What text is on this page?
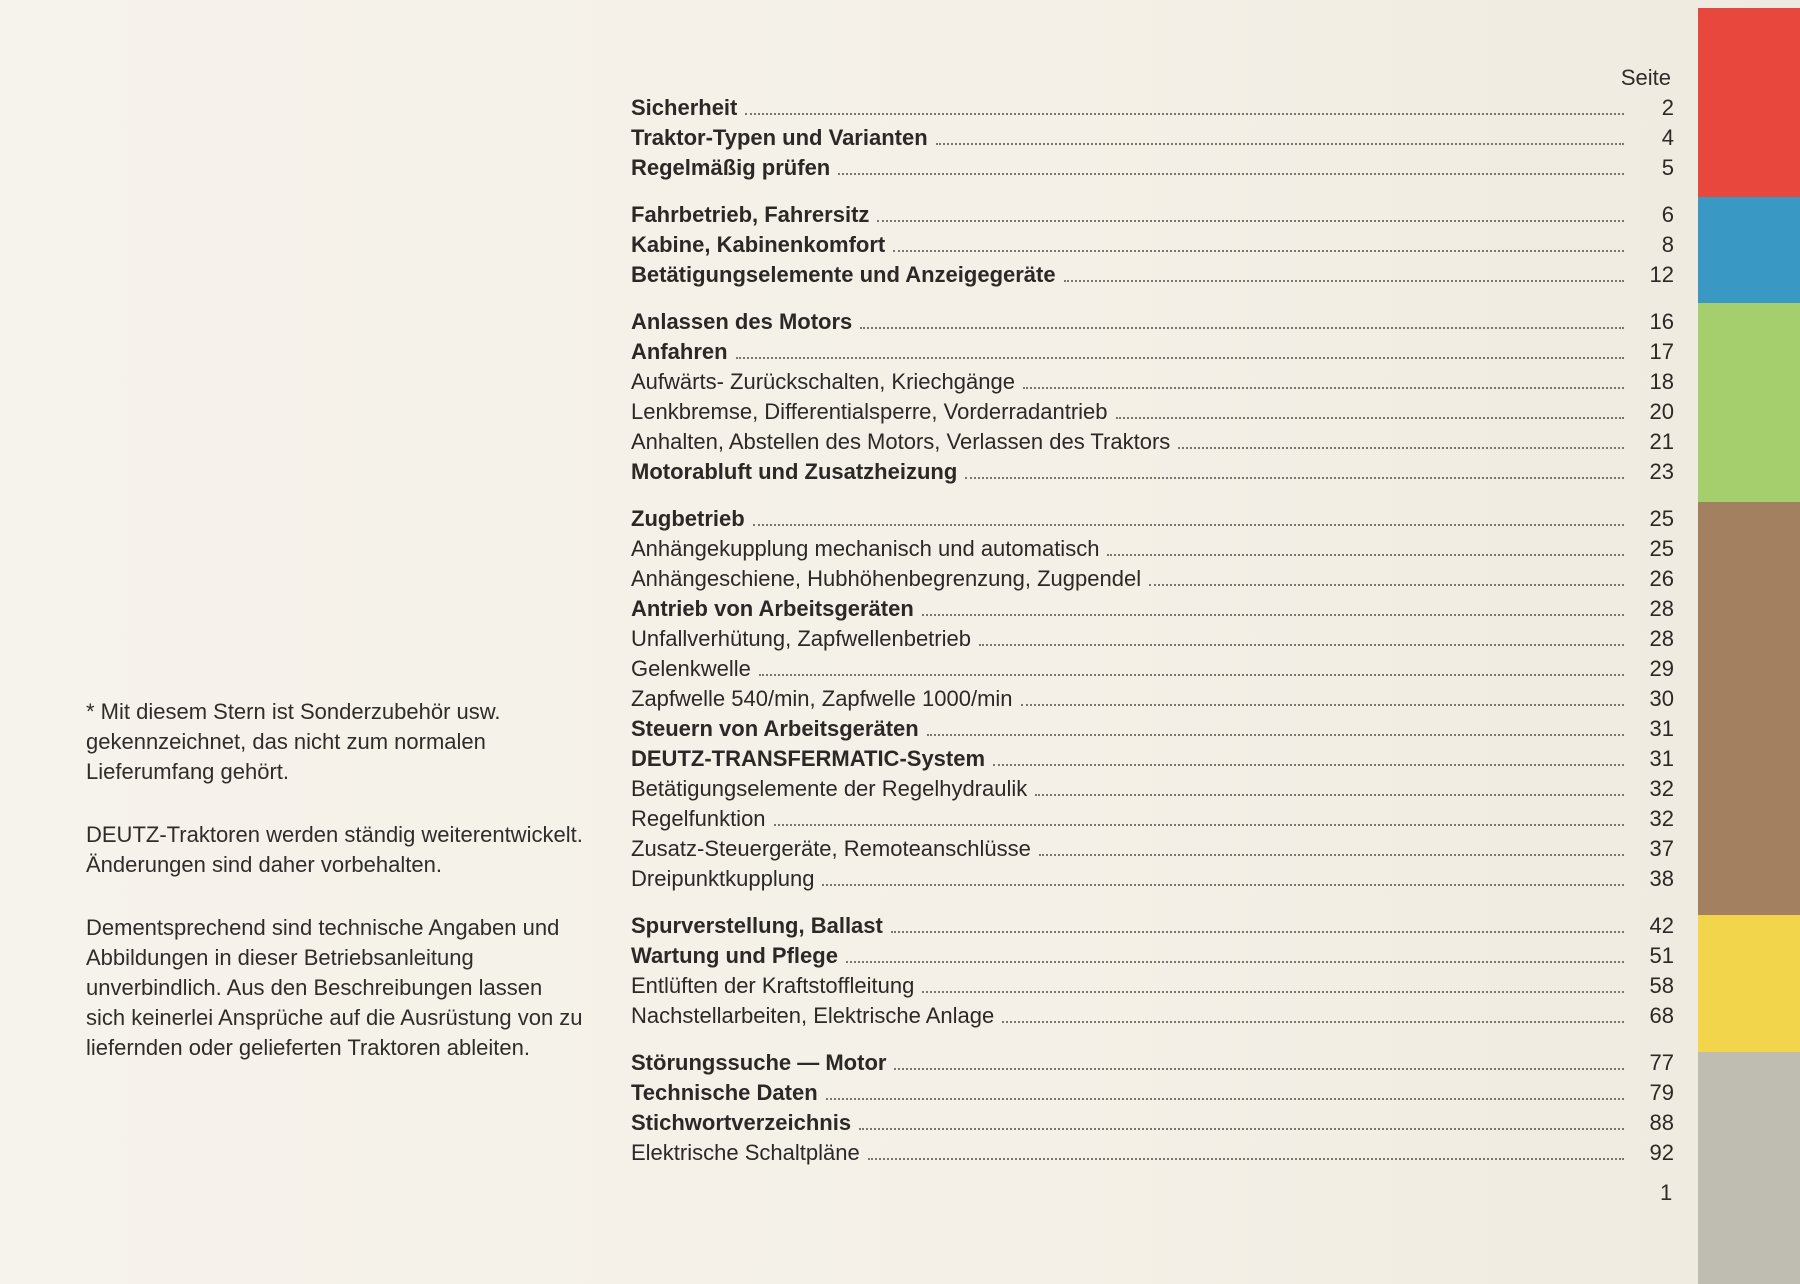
* Mit diesem Stern ist Sonderzubehör usw. gekennzeichnet, das nicht zum normalen Lieferumfang gehört.

DEUTZ-Traktoren werden ständig weiterentwickelt. Änderungen sind daher vorbehalten.

Dementsprechend sind technische Angaben und Abbildungen in dieser Betriebsanleitung unverbindlich. Aus den Beschreibungen lassen sich keinerlei Ansprüche auf die Ausrüstung von zu liefernden oder gelieferten Traktoren ableiten.

Seite
Sicherheit	2
Traktor-Typen und Varianten	4
Regelmäßig prüfen	5
Fahrbetrieb, Fahrersitz	6
Kabine, Kabinenkomfort	8
Betätigungselemente und Anzeigegeräte	12
Anlassen des Motors	16
Anfahren	17
Aufwärts- Zurückschalten, Kriechgänge	18
Lenkbremse, Differentialsperre, Vorderradantrieb	20
Anhalten, Abstellen des Motors, Verlassen des Traktors	21
Motorabluft und Zusatzheizung	23
Zugbetrieb	25
Anhängekupplung mechanisch und automatisch	25
Anhängeschiene, Hubhöhenbegrenzung, Zugpendel	26
Antrieb von Arbeitsgeräten	28
Unfallverhütung, Zapfwellenbetrieb	28
Gelenkwelle	29
Zapfwelle 540/min, Zapfwelle 1000/min	30
Steuern von Arbeitsgeräten	31
DEUTZ-TRANSFERMATIC-System	31
Betätigungselemente der Regelhydraulik	32
Regelfunktion	32
Zusatz-Steuergeräte, Remoteanschlüsse	37
Dreipunktkupplung	38
Spurverstellung, Ballast	42
Wartung und Pflege	51
Entlüften der Kraftstoffleitung	58
Nachstellarbeiten, Elektrische Anlage	68
Störungssuche — Motor	77
Technische Daten	79
Stichwortverzeichnis	88
Elektrische Schaltpläne	92
1
